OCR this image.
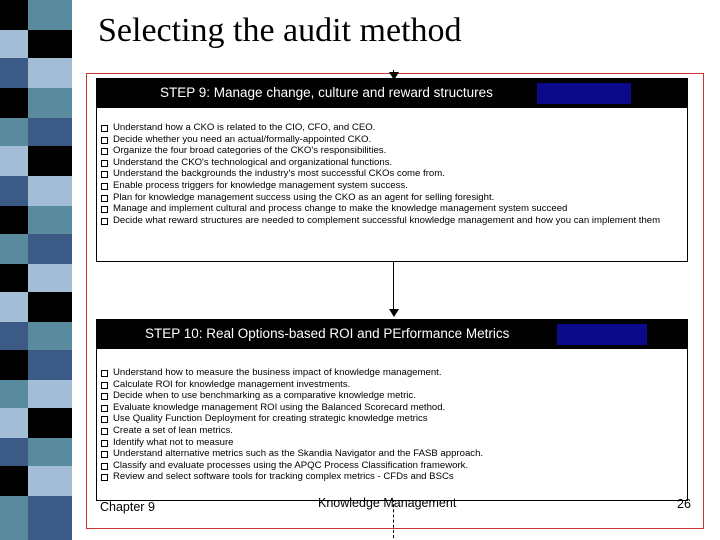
Selecting the audit method
STEP 9: Manage change, culture and reward structures
Understand how a CKO is related to the CIO, CFO, and CEO.
Decide whether you need an actual/formally-appointed CKO.
Organize the four broad categories of the CKO's responsibilities.
Understand the CKO's technological and organizational functions.
Understand the backgrounds the industry's most successful CKOs come from.
Enable process triggers for knowledge management system success.
Plan for knowledge management success using the CKO as an agent for selling foresight.
Manage and implement cultural and process change to make the knowledge management system succeed
Decide what reward structures are needed to complement successful knowledge management and how you can implement them
STEP 10: Real Options-based ROI and PErformance Metrics
Understand how to measure the business impact of knowledge management.
Calculate ROI for knowledge management investments.
Decide when to use benchmarking as a comparative knowledge metric.
Evaluate knowledge management ROI using the Balanced Scorecard method.
Use Quality Function Deployment for creating strategic knowledge metrics
Create a set of lean metrics.
Identify what not to measure
Understand alternative metrics such as the Skandia Navigator and the FASB approach.
Classify and evaluate processes using the APQC Process Classification framework.
Review and select software tools for tracking complex metrics - CFDs and BSCs
Chapter 9	Knowledge Management	26
